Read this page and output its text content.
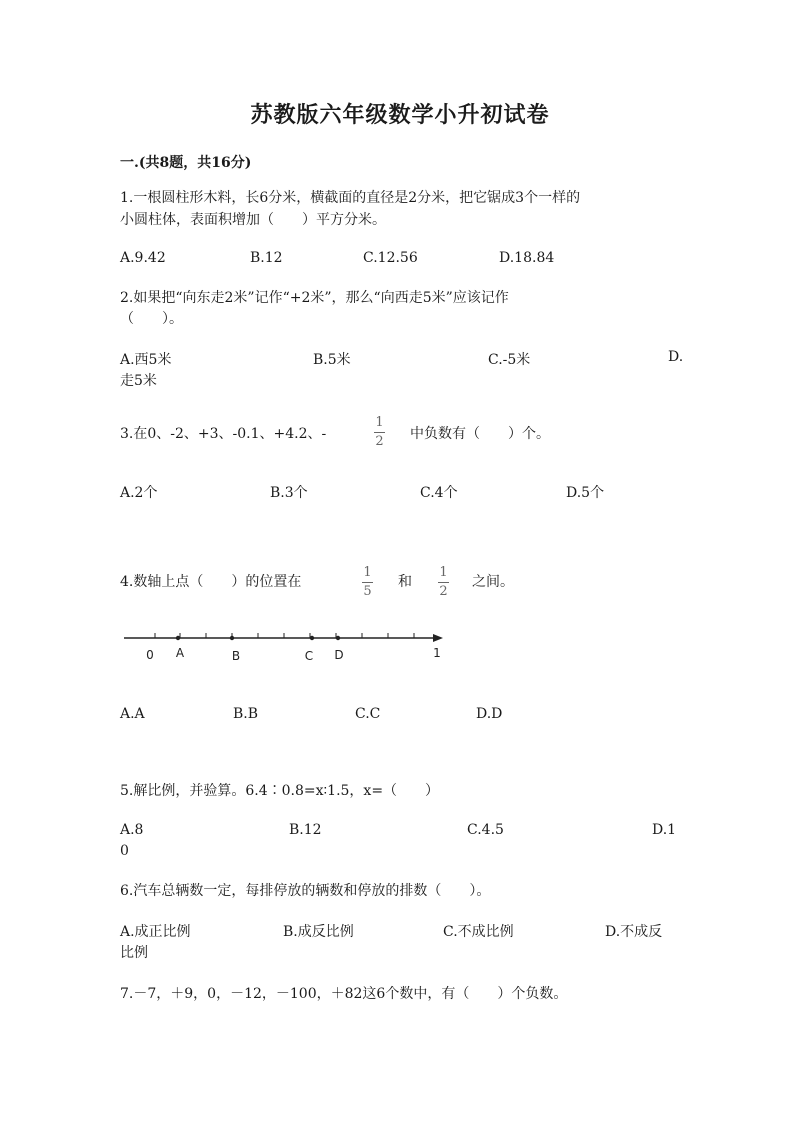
苏教版六年级数学小升初试卷
一.(共8题，共16分)
1.一根圆柱形木料，长6分米，横截面的直径是2分米，把它锯成3个一样的
小圆柱体，表面积增加（　　）平方分米。
A.9.42	B.12	C.12.56	D.18.84
2.如果把“向东走2米”记作“+2米”，那么“向西走5米”应该记作
（　　）。
A.西5米	B.5米	C.-5米	D.
走5米
3.在0、-2、+3、-0.1、+4.2、-
1
2 中负数有（　　）个。
A.2个	B.3个	C.4个	D.5个
4.数轴上点（　　）的位置在
1
5
和
1
2
之间。
0 A	B	C D	1
A.A	B.B	C.C	D.D
5.解比例，并验算。6.4∶0.8=x∶1.5，x=（　　）
A.8	B.12	C.4.5	D.1
0
6.汽车总辆数一定，每排停放的辆数和停放的排数（　　）。
A.成正比例	B.成反比例	C.不成比例	D.不成反
比例
7.－7，＋9，0，－12，－100，＋82这6个数中，有（　　）个负数。
